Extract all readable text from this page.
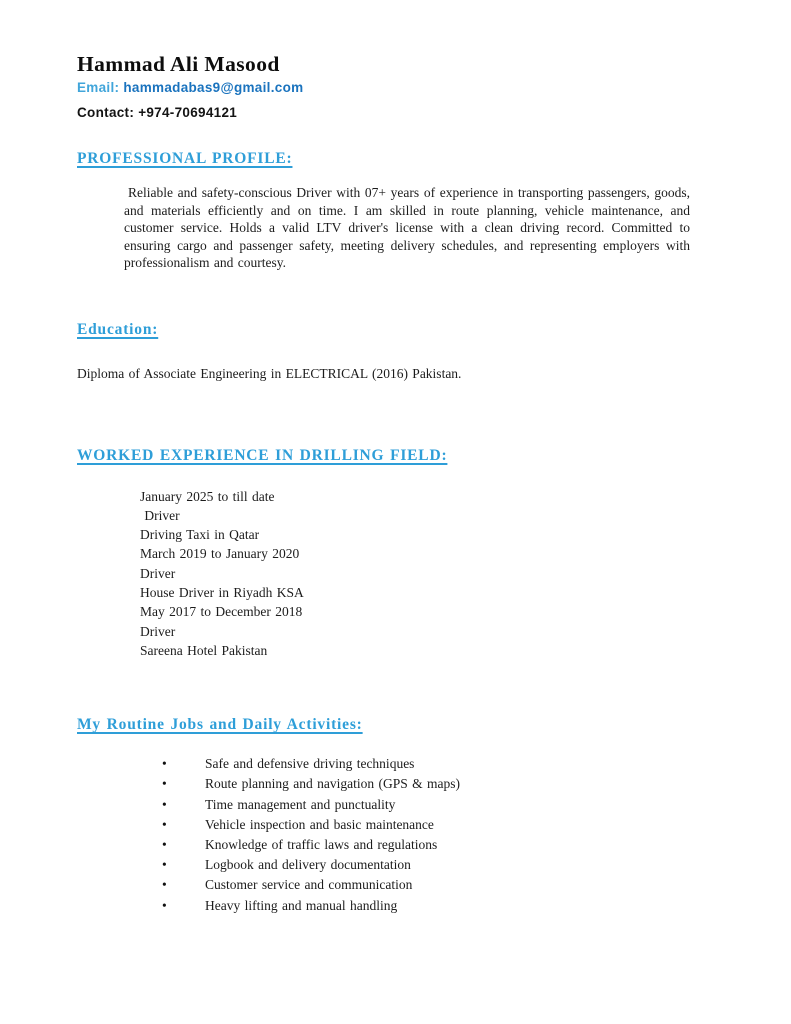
Hammad Ali Masood
Email: hammadabas9@gmail.com
Contact: +974-70694121
PROFESSIONAL PROFILE:

Reliable and safety-conscious Driver with 07+ years of experience in transporting passengers, goods, and materials efficiently and on time. I am skilled in route planning, vehicle maintenance, and customer service. Holds a valid LTV driver's license with a clean driving record. Committed to ensuring cargo and passenger safety, meeting delivery schedules, and representing employers with professionalism and courtesy.

Education:

Diploma of Associate Engineering in ELECTRICAL (2016) Pakistan.

WORKED EXPERIENCE IN DRILLING FIELD:
January 2025 to till date
Driver
Driving Taxi in Qatar
March 2019 to January 2020
Driver
House Driver in Riyadh KSA
May 2017 to December 2018
Driver
Sareena Hotel Pakistan
My Routine Jobs and Daily Activities:
•	Safe and defensive driving techniques
•	Route planning and navigation (GPS & maps)
•	Time management and punctuality
•	Vehicle inspection and basic maintenance
•	Knowledge of traffic laws and regulations
•	Logbook and delivery documentation
•	Customer service and communication
•	Heavy lifting and manual handling
